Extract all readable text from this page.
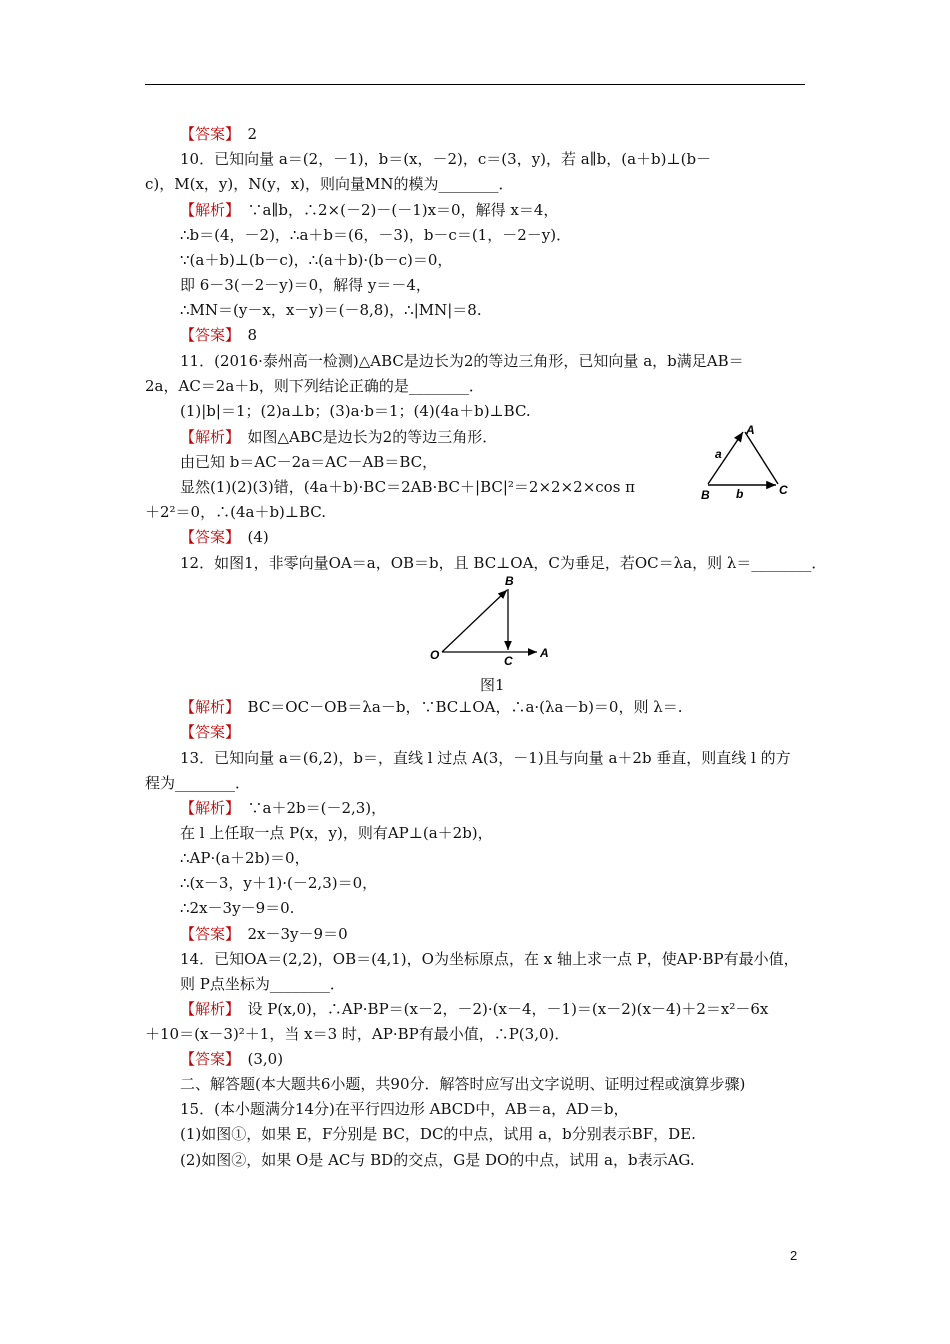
【答案】　2
10．已知向量 a＝(2，－1)，b＝(x，－2)，c＝(3，y)，若 a∥b，(a＋b)⊥(b－
c)，M(x，y)，N(y，x)，则向量MN的模为________．
【解析】　∵a∥b，∴2×(－2)－(－1)x＝0，解得 x＝4，
∴b＝(4，－2)，∴a＋b＝(6，－3)，b－c＝(1，－2－y)．
∵(a＋b)⊥(b－c)，∴(a＋b)·(b－c)＝0，
即 6－3(－2－y)＝0，解得 y＝－4，
∴MN＝(y－x，x－y)＝(－8,8)，∴|MN|＝8.
【答案】　8
11．(2016·泰州高一检测)△ABC是边长为2的等边三角形，已知向量 a，b满足AB＝
2a，AC＝2a＋b，则下列结论正确的是________．
(1)|b|＝1；(2)a⊥b；(3)a·b＝1；(4)(4a＋b)⊥BC.
【解析】　如图△ABC是边长为2的等边三角形．
由已知 b＝AC－2a＝AC－AB＝BC，
显然(1)(2)(3)错，(4a＋b)·BC＝2AB·BC＋|BC|²＝2×2×2×cos π
＋2²＝0，∴(4a＋b)⊥BC.
【答案】　(4)
12．如图1，非零向量OA＝a，OB＝b，且 BC⊥OA，C为垂足，若OC＝λa，则 λ＝________．
【解析】　BC＝OC－OB＝λa－b，∵BC⊥OA，∴a·(λa－b)＝0，则 λ＝.
【答案】
13．已知向量 a＝(6,2)，b＝，直线 l 过点 A(3，－1)且与向量 a＋2b 垂直，则直线 l 的方
程为________．
【解析】　∵a＋2b＝(－2,3)，
在 l 上任取一点 P(x，y)，则有AP⊥(a＋2b)，
∴AP·(a＋2b)＝0，
∴(x－3，y＋1)·(－2,3)＝0，
∴2x－3y－9＝0.
【答案】　2x－3y－9＝0
14．已知OA＝(2,2)，OB＝(4,1)，O为坐标原点，在 x 轴上求一点 P，使AP·BP有最小值，
则 P点坐标为________．
【解析】　设 P(x,0)，∴AP·BP＝(x－2，－2)·(x－4，－1)＝(x－2)(x－4)＋2＝x²－6x
＋10＝(x－3)²＋1，当 x＝3 时，AP·BP有最小值，∴P(3,0)．
【答案】　(3,0)
二、解答题(本大题共6小题，共90分．解答时应写出文字说明、证明过程或演算步骤)
15．(本小题满分14分)在平行四边形 ABCD中，AB＝a，AD＝b，
(1)如图①，如果 E，F分别是 BC，DC的中点，试用 a，b分别表示BF，DE.
(2)如图②，如果 O是 AC与 BD的交点，G是 DO的中点，试用 a，b表示AG.
A
B	C
a
b
O	A
B
C
图1
2
